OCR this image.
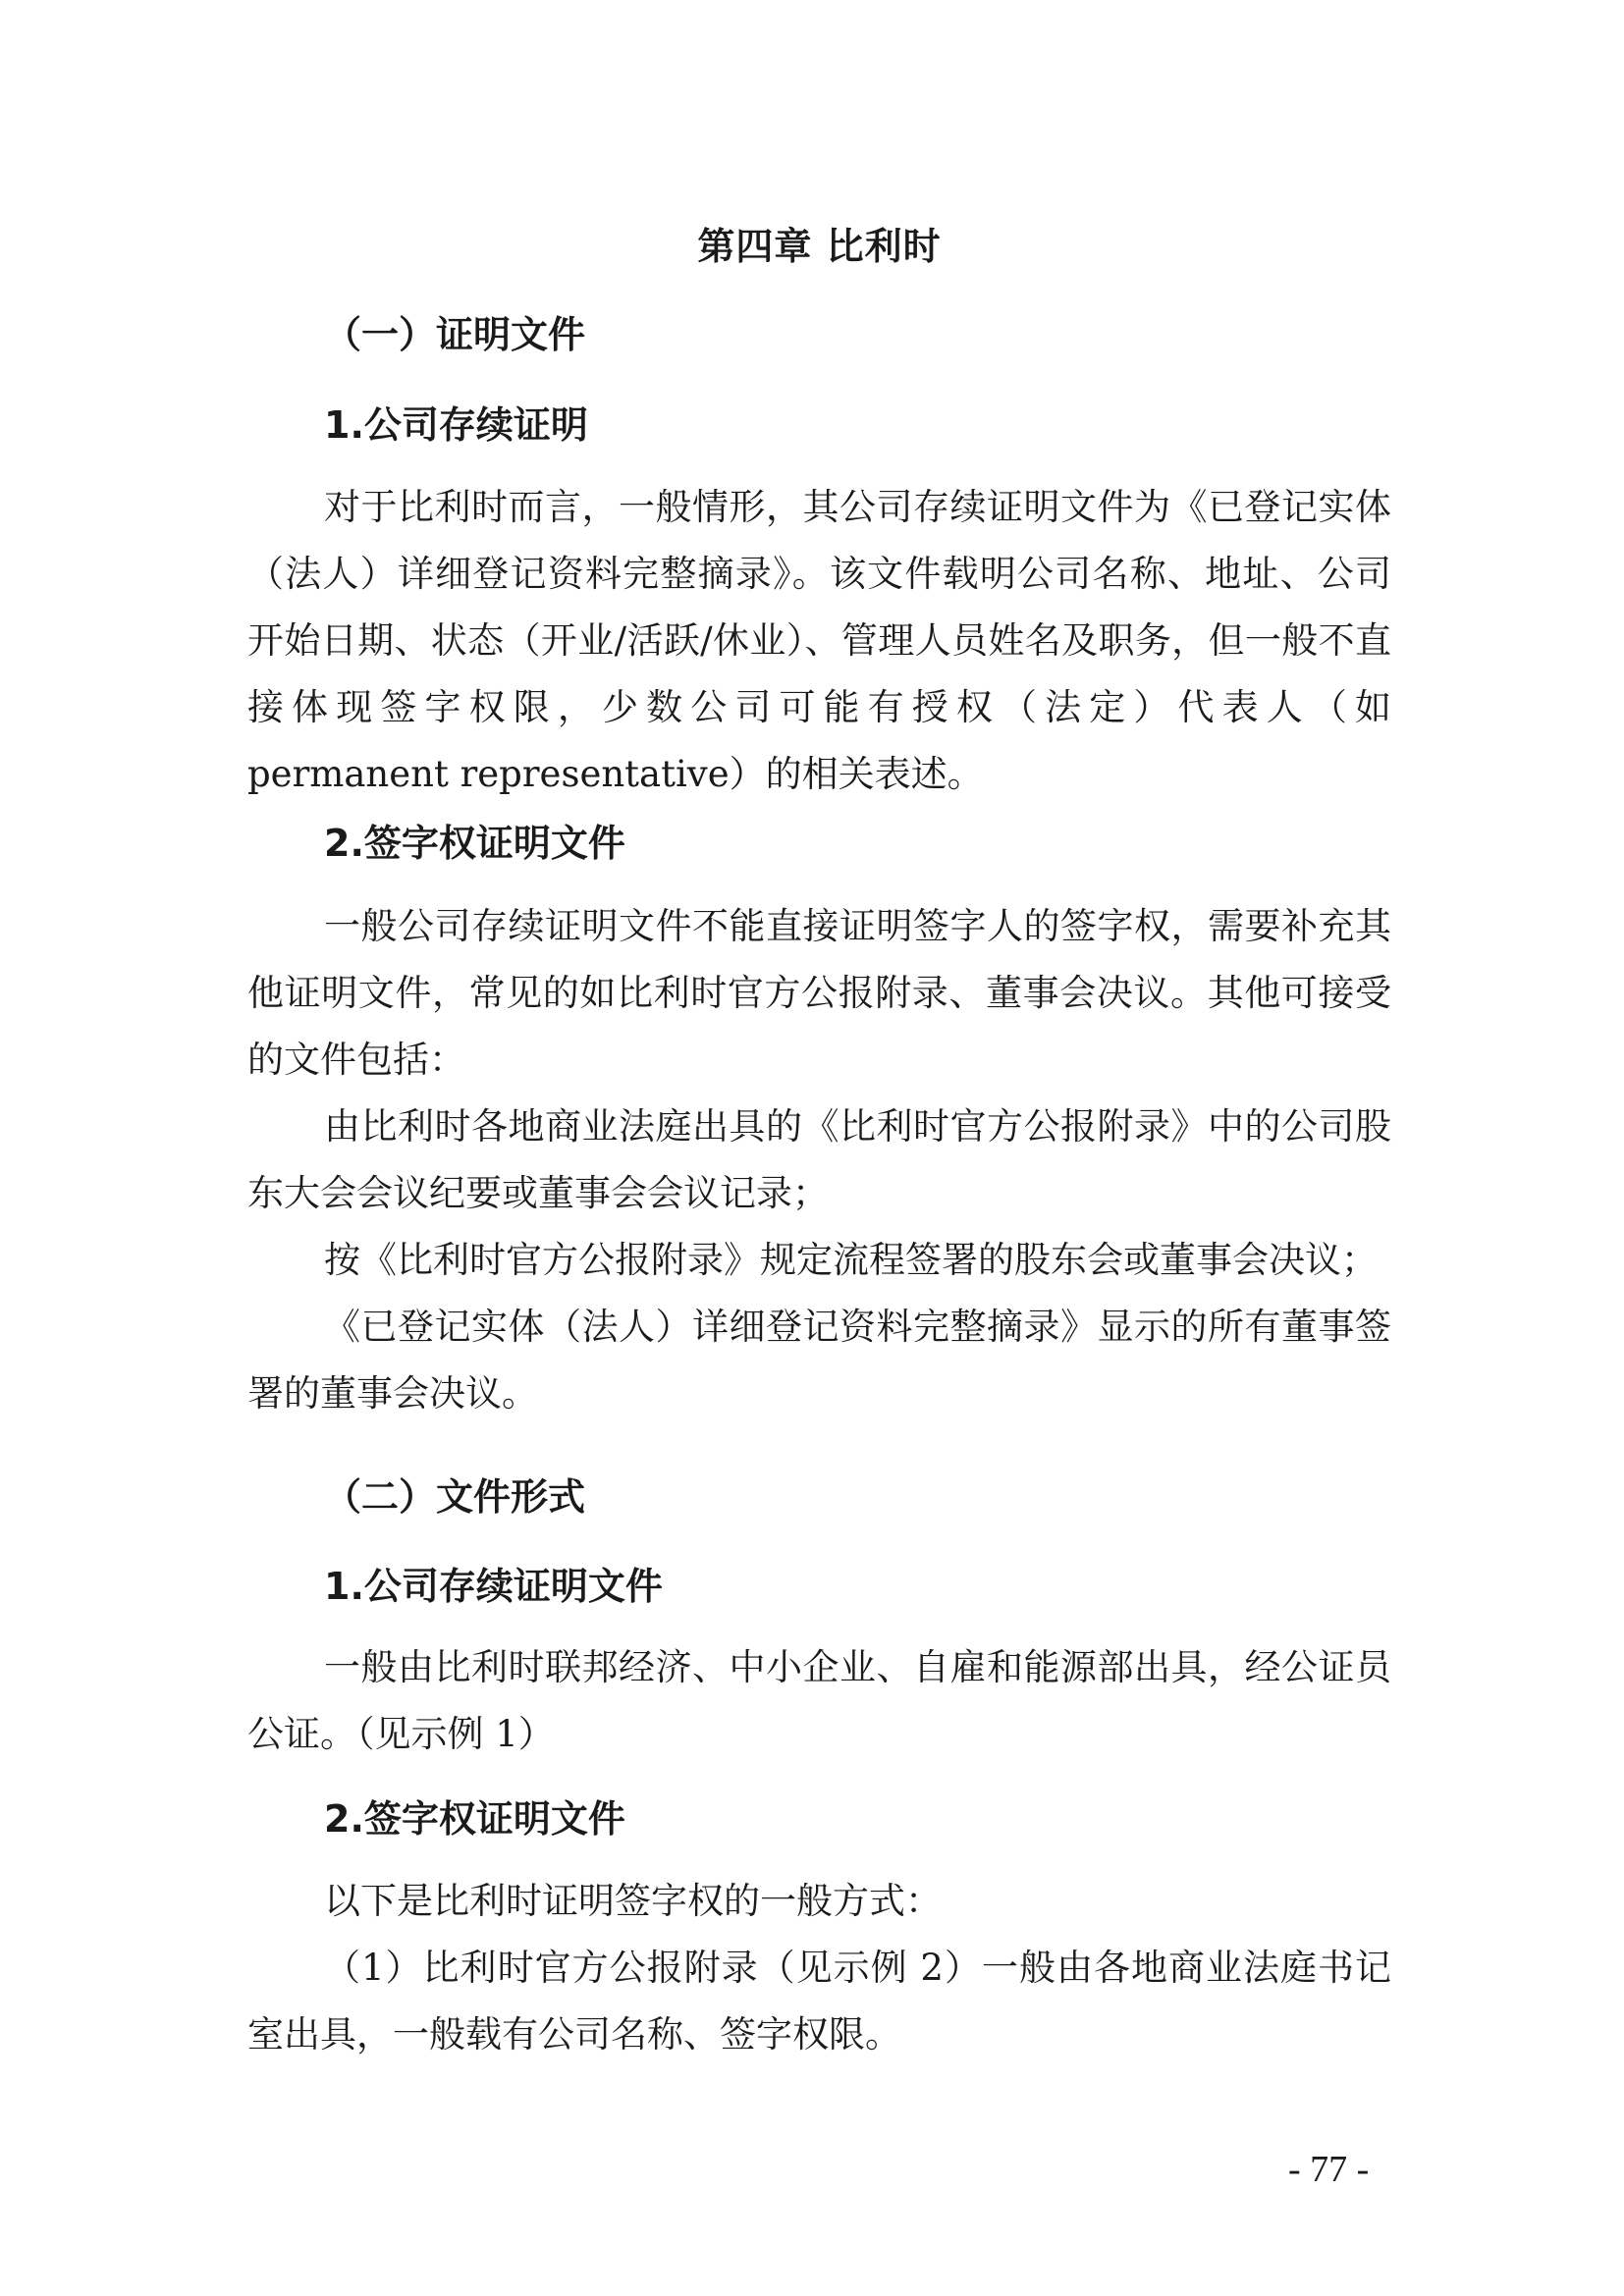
第四章 比利时
（一）证明文件
1.公司存续证明

对于比利时而言，一般情形，其公司存续证明文件为《已登记实体（法人）详细登记资料完整摘录》。该文件载明公司名称、地址、公司开始日期、状态（开业/活跃/休业）、管理人员姓名及职务，但一般不直接体现签字权限，少数公司可能有授权（法定）代表人（如 permanent representative）的相关表述。

2.签字权证明文件

一般公司存续证明文件不能直接证明签字人的签字权，需要补充其他证明文件，常见的如比利时官方公报附录、董事会决议。其他可接受的文件包括：

由比利时各地商业法庭出具的《比利时官方公报附录》中的公司股东大会会议纪要或董事会会议记录；

按《比利时官方公报附录》规定流程签署的股东会或董事会决议；

《已登记实体（法人）详细登记资料完整摘录》显示的所有董事签署的董事会决议。

（二）文件形式
1.公司存续证明文件

一般由比利时联邦经济、中小企业、自雇和能源部出具，经公证员公证。（见示例 1）

2.签字权证明文件

以下是比利时证明签字权的一般方式：

（1）比利时官方公报附录（见示例 2）一般由各地商业法庭书记室出具，一般载有公司名称、签字权限。

- 77 -
